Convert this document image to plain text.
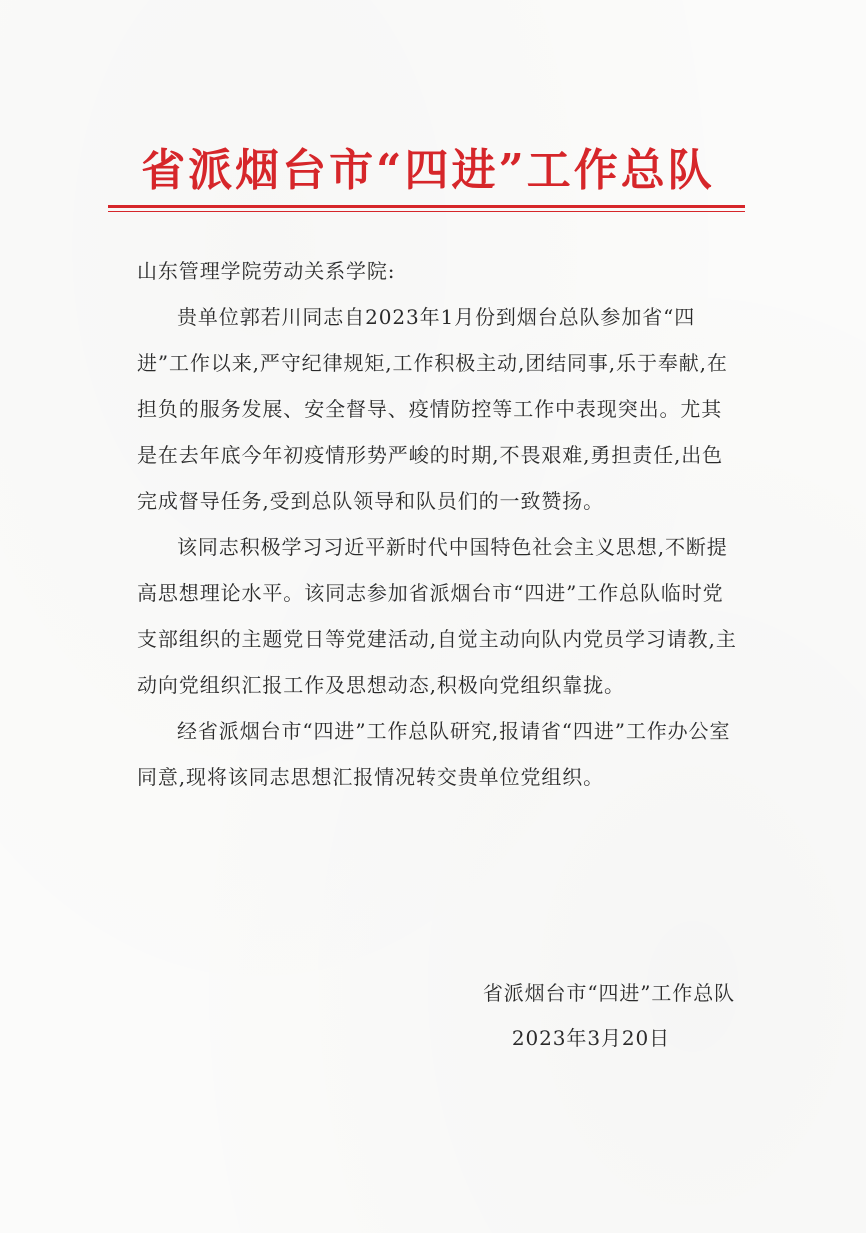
省派烟台市“四进”工作总队

山东管理学院劳动关系学院:

贵单位郭若川同志自2023年1月份到烟台总队参加省“四进”工作以来,严守纪律规矩,工作积极主动,团结同事,乐于奉献,在担负的服务发展、安全督导、疫情防控等工作中表现突出。尤其是在去年底今年初疫情形势严峻的时期,不畏艰难,勇担责任,出色完成督导任务,受到总队领导和队员们的一致赞扬。

该同志积极学习习近平新时代中国特色社会主义思想,不断提高思想理论水平。该同志参加省派烟台市“四进”工作总队临时党支部组织的主题党日等党建活动,自觉主动向队内党员学习请教,主动向党组织汇报工作及思想动态,积极向党组织靠拢。

经省派烟台市“四进”工作总队研究,报请省“四进”工作办公室同意,现将该同志思想汇报情况转交贵单位党组织。

省派烟台市“四进”工作总队
2023年3月20日
